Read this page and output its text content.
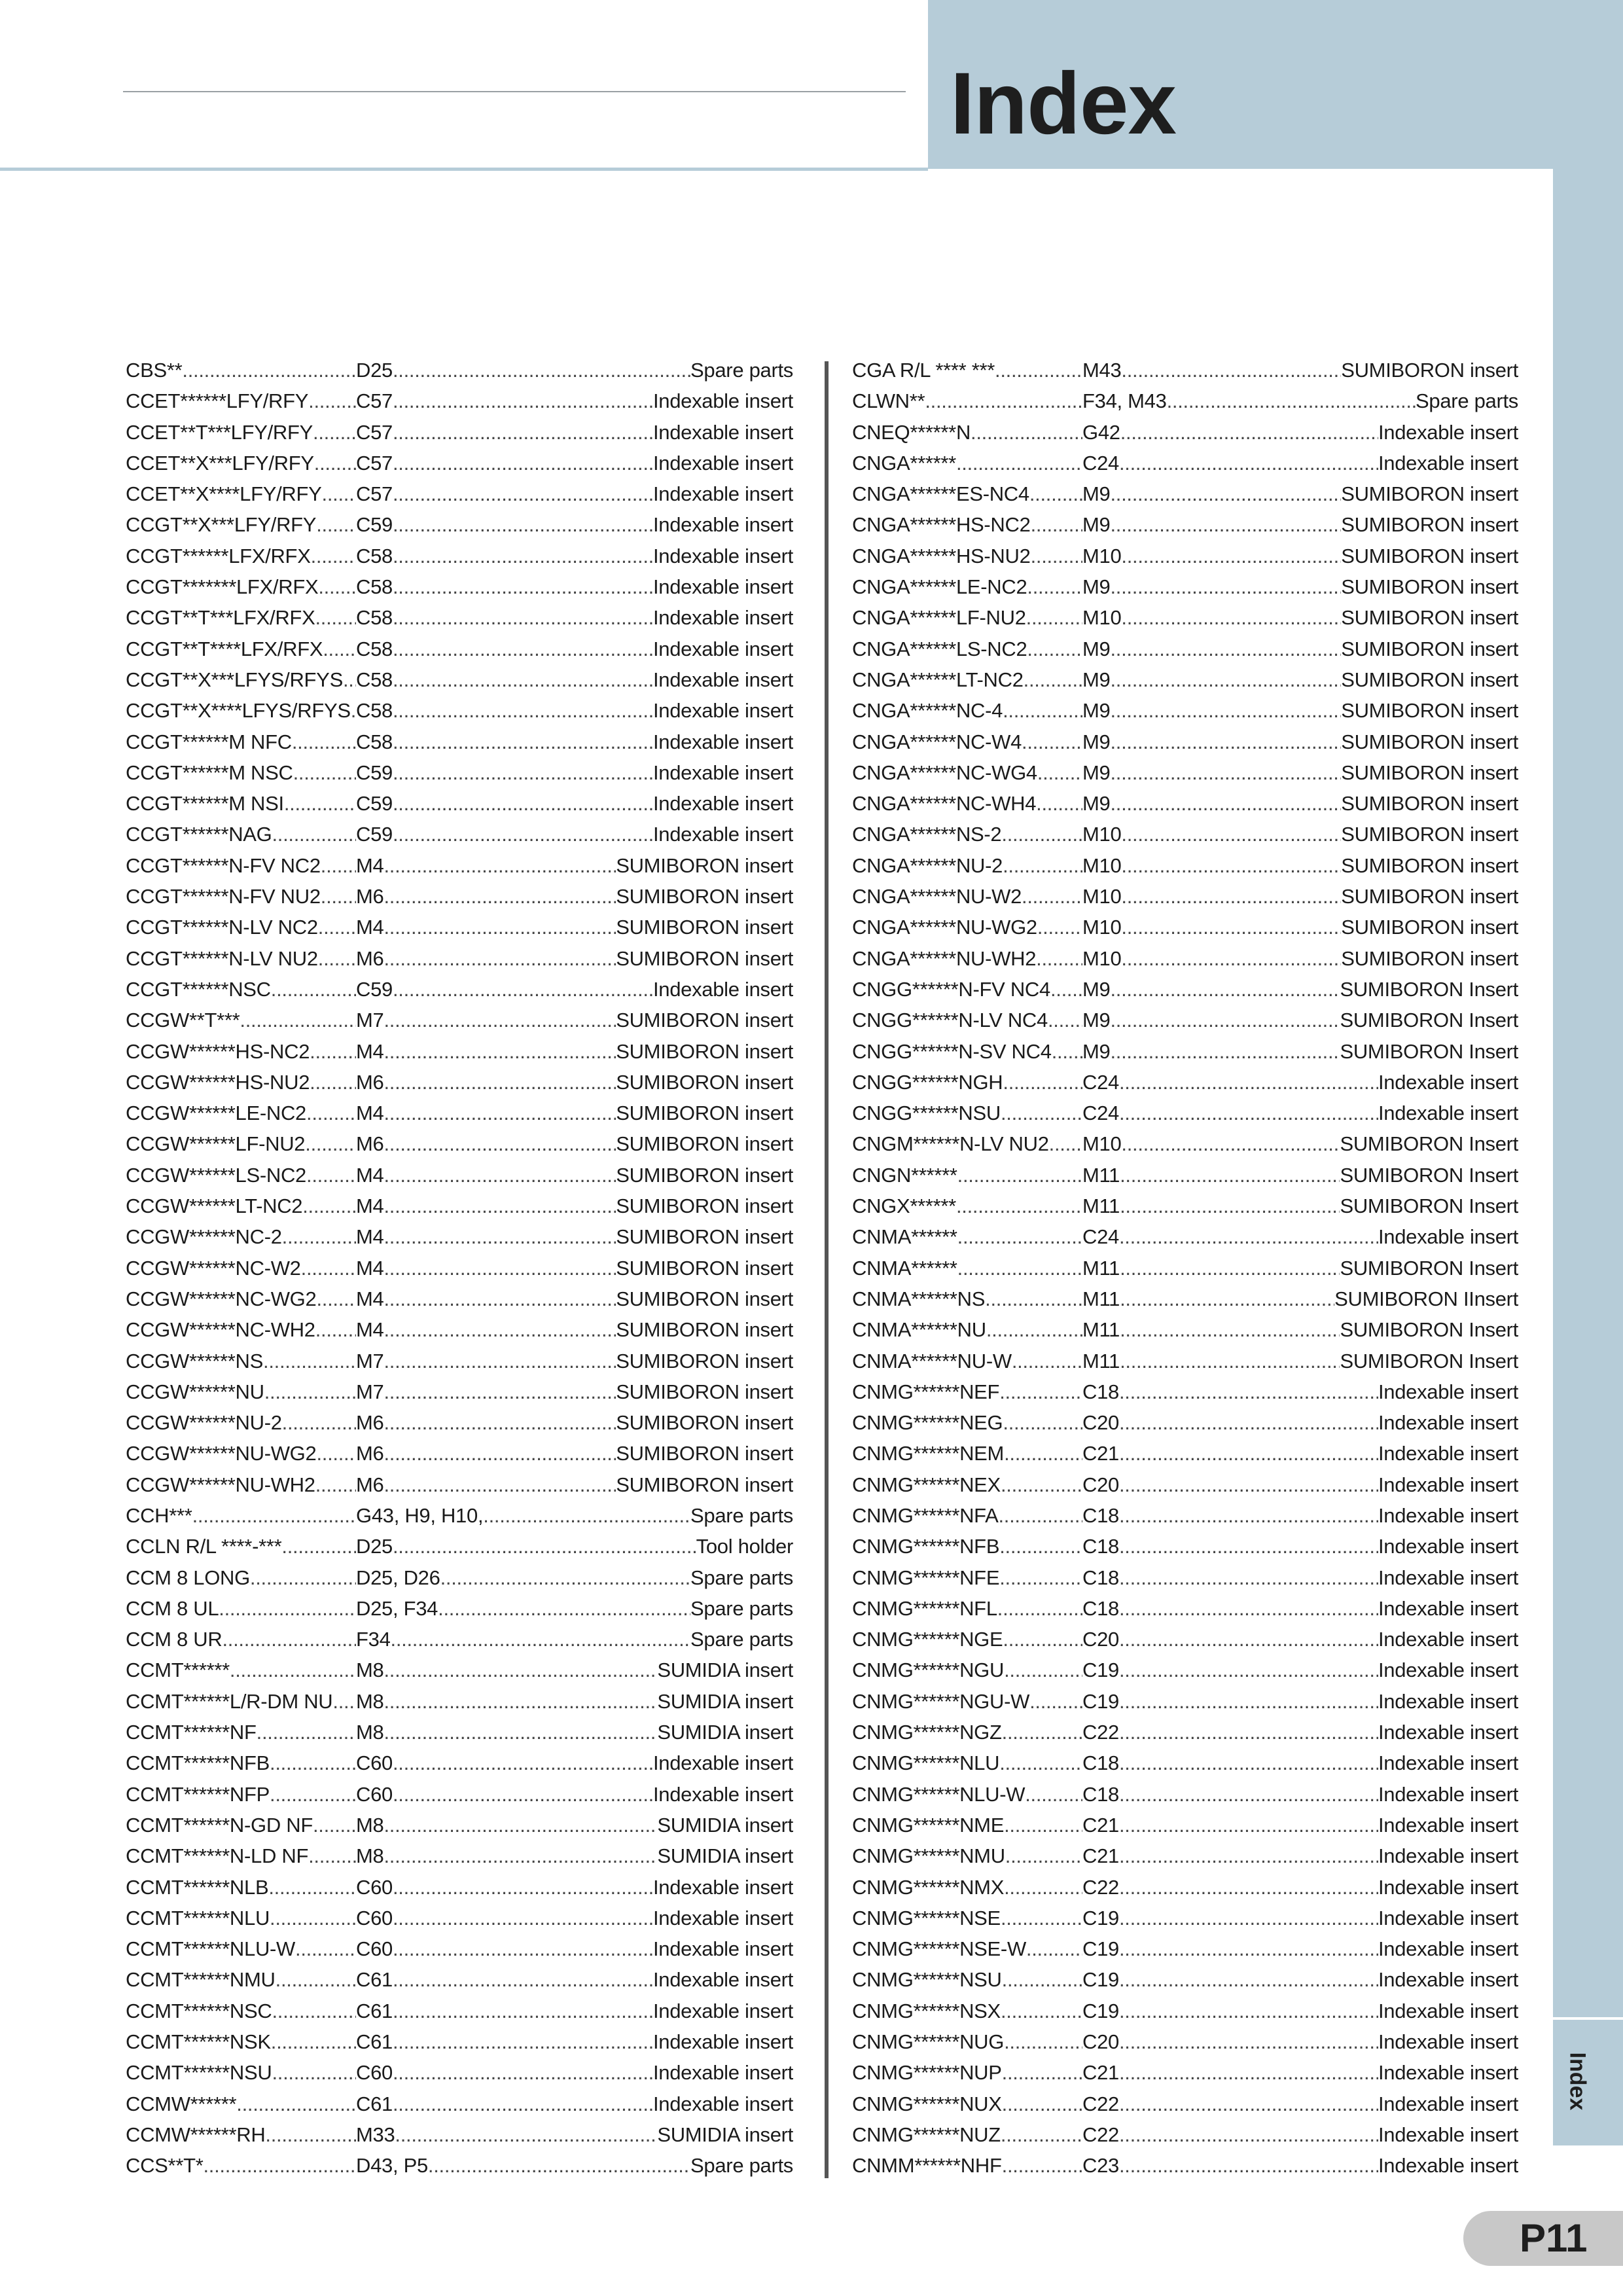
Index
Index
CBS** .....	D25 .....	Spare parts
CCET******LFY/RFY ..... C57 .....	Indexable insert
CCET**T***LFY/RFY ..... C57 .....	Indexable insert
CCET**X***LFY/RFY ..... C57 .....	Indexable insert
CCET**X****LFY/RFY ..... C57 .....	Indexable insert
CCGT**X***LFY/RFY ..... C59 .....	Indexable insert
CCGT******LFX/RFX ..... C58 .....	Indexable insert
CCGT*******LFX/RFX ..... C58 .....	Indexable insert
CCGT**T***LFX/RFX ..... C58 .....	Indexable insert
CCGT**T****LFX/RFX ..... C58 .....	Indexable insert
CCGT**X***LFYS/RFYS ..... C58 .....	Indexable insert
CCGT**X****LFYS/RFYS ..... C58 .....	Indexable insert
CCGT******M NFC .....	C58 .....	Indexable insert
CCGT******M NSC .....	C59 .....	Indexable insert
CCGT******M NSI .....	C59 .....	Indexable insert
CCGT******NAG .....	C59 .....	Indexable insert
CCGT******N-FV NC2 ..... M4 .....	SUMIBORON insert
CCGT******N-FV NU2 ..... M6 .....	SUMIBORON insert
CCGT******N-LV NC2 ..... M4 .....	SUMIBORON insert
CCGT******N-LV NU2 ..... M6 .....	SUMIBORON insert
CCGT******NSC .....	C59 .....	Indexable insert
CCGW**T*** .....	M7 .....	SUMIBORON insert
CCGW******HS-NC2 ..... M4 .....	SUMIBORON insert
CCGW******HS-NU2 ..... M6 .....	SUMIBORON insert
CCGW******LE-NC2 ..... M4 .....	SUMIBORON insert
CCGW******LF-NU2 .....	M6 .....	SUMIBORON insert
CCGW******LS-NC2 ..... M4 .....	SUMIBORON insert
CCGW******LT-NC2 .....	M4 .....	SUMIBORON insert
CCGW******NC-2 .....	M4 .....	SUMIBORON insert
CCGW******NC-W2 .....	M4 .....	SUMIBORON insert
CCGW******NC-WG2 ..... M4 .....	SUMIBORON insert
CCGW******NC-WH2 ..... M4 .....	SUMIBORON insert
CCGW******NS .....	M7 .....	SUMIBORON insert
CCGW******NU .....	M7 .....	SUMIBORON insert
CCGW******NU-2 .....	M6 .....	SUMIBORON insert
CCGW******NU-WG2 ..... M6 .....	SUMIBORON insert
CCGW******NU-WH2 ..... M6 .....	SUMIBORON insert
CCH*** .....	G43, H9, H10, .....	Spare parts
CCLN R/L ****-*** .....	D25 .....	Tool holder
CCM 8 LONG .....	D25, D26 .....	Spare parts
CCM 8 UL .....	D25, F34 .....	Spare parts
CCM 8 UR .....	F34 .....	Spare parts
CCMT****** .....	M8 .....	SUMIDIA insert
CCMT******L/R-DM NU ..... M8 .....	SUMIDIA insert
CCMT******NF .....	M8 .....	SUMIDIA insert
CCMT******NFB .....	C60 .....	Indexable insert
CCMT******NFP .....	C60 .....	Indexable insert
CCMT******N-GD NF ..... M8 .....	SUMIDIA insert
CCMT******N-LD NF ..... M8 .....	SUMIDIA insert
CCMT******NLB .....	C60 .....	Indexable insert
CCMT******NLU .....	C60 .....	Indexable insert
CCMT******NLU-W .....	C60 .....	Indexable insert
CCMT******NMU .....	C61 .....	Indexable insert
CCMT******NSC .....	C61 .....	Indexable insert
CCMT******NSK .....	C61 .....	Indexable insert
CCMT******NSU .....	C60 .....	Indexable insert
CCMW****** .....	C61 .....	Indexable insert
CCMW******RH .....	M33 .....	SUMIDIA insert
CCS**T* .....	D43, P5 .....	Spare parts
CGA R/L **** *** .....	M43 .....	SUMIBORON insert
CLWN** .....	F34, M43 .....	Spare parts
CNEQ******N .....	G42 .....	Indexable insert
CNGA****** .....	C24 .....	Indexable insert
CNGA******ES-NC4 .....	M9 .....	SUMIBORON insert
CNGA******HS-NC2 .....	M9 .....	SUMIBORON insert
CNGA******HS-NU2 .....	M10 .....	SUMIBORON insert
CNGA******LE-NC2 .....	M9 .....	SUMIBORON insert
CNGA******LF-NU2 .....	M10 .....	SUMIBORON insert
CNGA******LS-NC2 .....	M9 .....	SUMIBORON insert
CNGA******LT-NC2 .....	M9 .....	SUMIBORON insert
CNGA******NC-4 .....	M9 .....	SUMIBORON insert
CNGA******NC-W4 .....	M9 .....	SUMIBORON insert
CNGA******NC-WG4 ..... M9 .....	SUMIBORON insert
CNGA******NC-WH4 ..... M9 .....	SUMIBORON insert
CNGA******NS-2 .....	M10 .....	SUMIBORON insert
CNGA******NU-2 .....	M10 .....	SUMIBORON insert
CNGA******NU-W2 .....	M10 .....	SUMIBORON insert
CNGA******NU-WG2 ..... M10 .....	SUMIBORON insert
CNGA******NU-WH2 ..... M10 .....	SUMIBORON insert
CNGG******N-FV NC4 ..... M9 .....	SUMIBORON Insert
CNGG******N-LV NC4 ..... M9 .....	SUMIBORON Insert
CNGG******N-SV NC4 ..... M9 .....	SUMIBORON Insert
CNGG******NGH .....	C24 .....	Indexable insert
CNGG******NSU .....	C24 .....	Indexable insert
CNGM******N-LV NU2 ..... M10 .....	SUMIBORON Insert
CNGN****** .....	M11 .....	SUMIBORON Insert
CNGX****** .....	M11 .....	SUMIBORON Insert
CNMA****** .....	C24 .....	Indexable insert
CNMA****** .....	M11 .....	SUMIBORON Insert
CNMA******NS .....	M11 .....	SUMIBORON IInsert
CNMA******NU .....	M11 .....	SUMIBORON Insert
CNMA******NU-W .....	M11 .....	SUMIBORON Insert
CNMG******NEF .....	C18 .....	Indexable insert
CNMG******NEG .....	C20 .....	Indexable insert
CNMG******NEM .....	C21 .....	Indexable insert
CNMG******NEX .....	C20 .....	Indexable insert
CNMG******NFA .....	C18 .....	Indexable insert
CNMG******NFB .....	C18 .....	Indexable insert
CNMG******NFE .....	C18 .....	Indexable insert
CNMG******NFL .....	C18 .....	Indexable insert
CNMG******NGE .....	C20 .....	Indexable insert
CNMG******NGU .....	C19 .....	Indexable insert
CNMG******NGU-W .....	C19 .....	Indexable insert
CNMG******NGZ .....	C22 .....	Indexable insert
CNMG******NLU .....	C18 .....	Indexable insert
CNMG******NLU-W .....	C18 .....	Indexable insert
CNMG******NME .....	C21 .....	Indexable insert
CNMG******NMU .....	C21 .....	Indexable insert
CNMG******NMX .....	C22 .....	Indexable insert
CNMG******NSE .....	C19 .....	Indexable insert
CNMG******NSE-W .....	C19 .....	Indexable insert
CNMG******NSU .....	C19 .....	Indexable insert
CNMG******NSX .....	C19 .....	Indexable insert
CNMG******NUG .....	C20 .....	Indexable insert
CNMG******NUP .....	C21 .....	Indexable insert
CNMG******NUX .....	C22 .....	Indexable insert
CNMG******NUZ .....	C22 .....	Indexable insert
CNMM******NHF .....	C23 .....	Indexable insert
P11
